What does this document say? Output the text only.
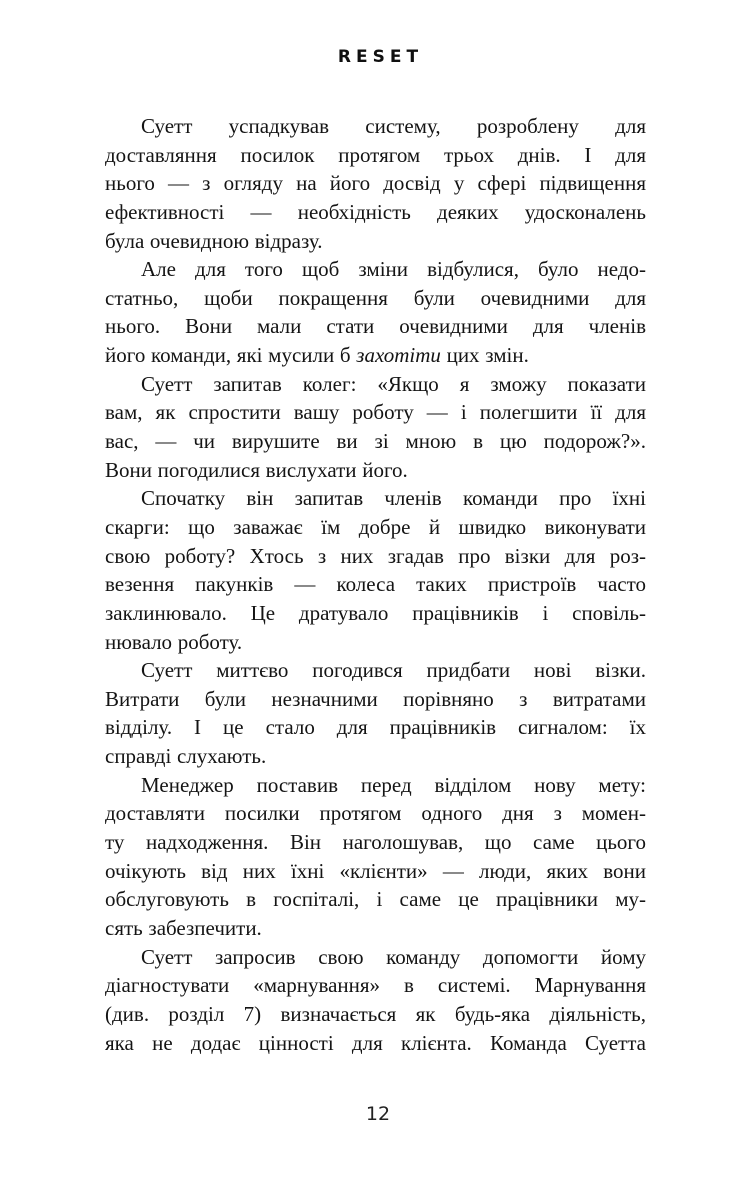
RESET
Суетт успадкував систему, розроблену для
доставляння посилок протягом трьох днів. І для
нього — з огляду на його досвід у сфері підвищення
ефективності — необхідність деяких удосконалень
була очевидною відразу.
Але для того щоб зміни відбулися, було недо-
статньо, щоби покращення були очевидними для
нього. Вони мали стати очевидними для членів
його команди, які мусили б захотіти цих змін.
Суетт запитав колег: «Якщо я зможу показати
вам, як спростити вашу роботу — і полегшити її для
вас, — чи вирушите ви зі мною в цю подорож?».
Вони погодилися вислухати його.
Спочатку він запитав членів команди про їхні
скарги: що заважає їм добре й швидко виконувати
свою роботу? Хтось з них згадав про візки для роз-
везення пакунків — колеса таких пристроїв часто
заклинювало. Це дратувало працівників і сповіль-
нювало роботу.
Суетт миттєво погодився придбати нові візки.
Витрати були незначними порівняно з витратами
відділу. І це стало для працівників сигналом: їх
справді слухають.
Менеджер поставив перед відділом нову мету:
доставляти посилки протягом одного дня з момен-
ту надходження. Він наголошував, що саме цього
очікують від них їхні «клієнти» — люди, яких вони
обслуговують в госпіталі, і саме це працівники му-
сять забезпечити.
Суетт запросив свою команду допомогти йому
діагностувати «марнування» в системі. Марнування
(див. розділ 7) визначається як будь-яка діяльність,
яка не додає цінності для клієнта. Команда Суетта
12
